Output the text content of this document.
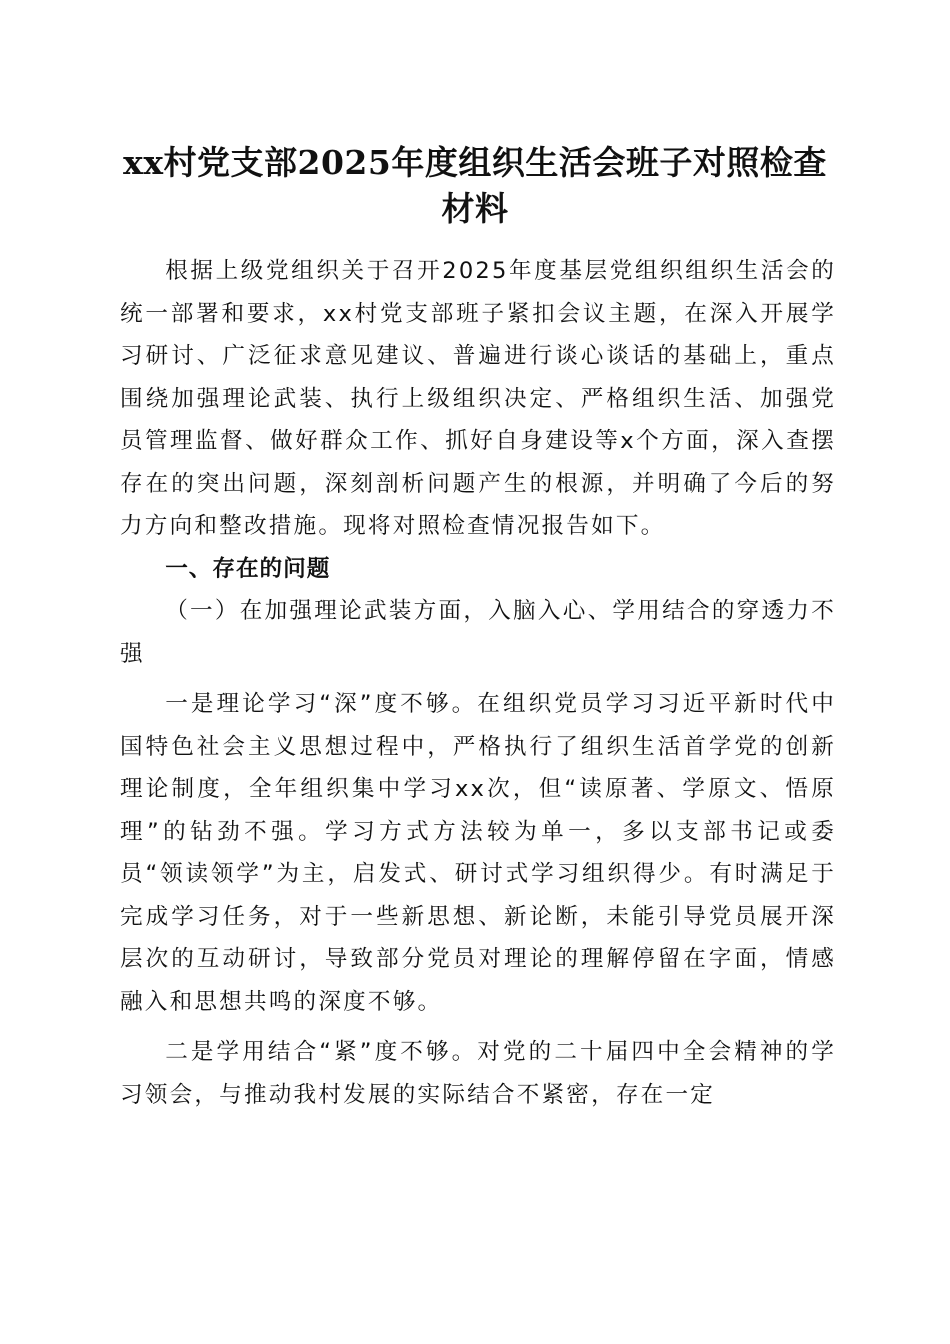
xx村党支部2025年度组织生活会班子对照检查材料

根据上级党组织关于召开2025年度基层党组织组织生活会的统一部署和要求，xx村党支部班子紧扣会议主题，在深入开展学习研讨、广泛征求意见建议、普遍进行谈心谈话的基础上，重点围绕加强理论武装、执行上级组织决定、严格组织生活、加强党员管理监督、做好群众工作、抓好自身建设等x个方面，深入查摆存在的突出问题，深刻剖析问题产生的根源，并明确了今后的努力方向和整改措施。现将对照检查情况报告如下。

一、存在的问题

（一）在加强理论武装方面，入脑入心、学用结合的穿透力不强

一是理论学习“深”度不够。在组织党员学习习近平新时代中国特色社会主义思想过程中，严格执行了组织生活首学党的创新理论制度，全年组织集中学习xx次，但“读原著、学原文、悟原理”的钻劲不强。学习方式方法较为单一，多以支部书记或委员“领读领学”为主，启发式、研讨式学习组织得少。有时满足于完成学习任务，对于一些新思想、新论断，未能引导党员展开深层次的互动研讨，导致部分党员对理论的理解停留在字面，情感融入和思想共鸣的深度不够。

二是学用结合“紧”度不够。对党的二十届四中全会精神的学习领会，与推动我村发展的实际结合不紧密，存在一定
